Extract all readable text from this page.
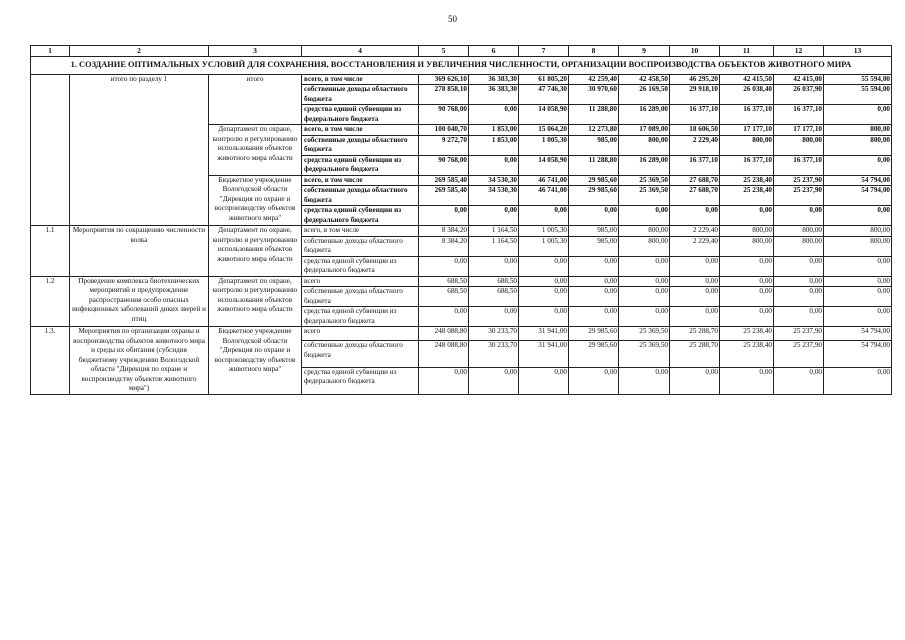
50
1	2	3	4	5	6	7	8	9	10	11	12	13
1. СОЗДАНИЕ ОПТИМАЛЬНЫХ УСЛОВИЙ ДЛЯ СОХРАНЕНИЯ, ВОССТАНОВЛЕНИЯ И УВЕЛИЧЕНИЯ ЧИСЛЕННОСТИ, ОРГАНИЗАЦИИ ВОСПРОИЗВОДСТВА ОБЪЕКТОВ ЖИВОТНОГО МИРА												
	итого по разделу 1	итого	всего, в том числе	369 626,10	36 383,30	61 805,20	42 259,40	42 458,50	46 295,20	42 415,50	42 415,00	55 594,00
			собственные доходы областного бюджета	278 858,10	36 383,30	47 746,30	30 970,60	26 169,50	29 918,10	26 038,40	26 037,90	55 594,00
			средства единой субвенции из федерального бюджета	90 768,00	0,00	14 058,90	11 288,80	16 289,00	16 377,10	16 377,10	16 377,10	0,00
		Департамент по охране, контролю и регулированию использования объектов животного мира области	всего, в том числе	100 040,70	1 853,00	15 064,20	12 273,80	17 089,00	18 606,50	17 177,10	17 177,10	800,00
			собственные доходы областного бюджета	9 272,70	1 853,00	1 005,30	985,00	800,00	2 229,40	800,00	800,00	800,00
			средства единой субвенции из федерального бюджета	90 768,00	0,00	14 058,90	11 288,80	16 289,00	16 377,10	16 377,10	16 377,10	0,00
		Бюджетное учреждение Вологодской области "Дирекция по охране и воспроизводству объектов животного мира"	всего, в том числе	269 585,40	34 530,30	46 741,00	29 985,60	25 369,50	27 688,70	25 238,40	25 237,90	54 794,00
			собственные доходы областного бюджета	269 585,40	34 530,30	46 741,00	29 985,60	25 369,50	27 688,70	25 238,40	25 237,90	54 794,00
			средства единой субвенции из федерального бюджета	0,00	0,00	0,00	0,00	0,00	0,00	0,00	0,00	0,00
1.1	Мероприятия по сокращению численности волка	Департамент по охране, контролю и регулированию использования объектов животного мира области	всего, в том числе	8 384,20	1 164,50	1 005,30	985,00	800,00	2 229,40	800,00	800,00	800,00
			собственные доходы областного бюджета	8 384,20	1 164,50	1 005,30	985,00	800,00	2 229,40	800,00	800,00	800,00
			средства единой субвенции из федерального бюджета	0,00	0,00	0,00	0,00	0,00	0,00	0,00	0,00	0,00
1.2	Проведение комплекса биотехнических мероприятий и предупреждение распространения особо опасных инфекционных заболеваний диких зверей и птиц	Департамент по охране, контролю и регулированию использования объектов животного мира области	всего	688,50	688,50	0,00	0,00	0,00	0,00	0,00	0,00	0,00
			собственные доходы областного бюджета	688,50	688,50	0,00	0,00	0,00	0,00	0,00	0,00	0,00
			средства единой субвенции из федерального бюджета	0,00	0,00	0,00	0,00	0,00	0,00	0,00	0,00	0,00
1.3.	Мероприятия по организации охраны и воспроизводства объектов животного мира и среды их обитания (субсидия бюджетному учреждению Вологодской области "Дирекция по охране и воспроизводству объектов животного мира")	Бюджетное учреждение Вологодской области "Дирекция по охране и воспроизводству объектов животного мира"	всего	248 088,80	30 233,70	31 941,00	29 985,60	25 369,50	25 288,70	25 238,40	25 237,90	54 794,00
			собственные доходы областного бюджета	248 088,80	30 233,70	31 941,00	29 985,60	25 369,50	25 288,70	25 238,40	25 237,90	54 794,00
			средства единой субвенции из федерального бюджета	0,00	0,00	0,00	0,00	0,00	0,00	0,00	0,00	0,00
